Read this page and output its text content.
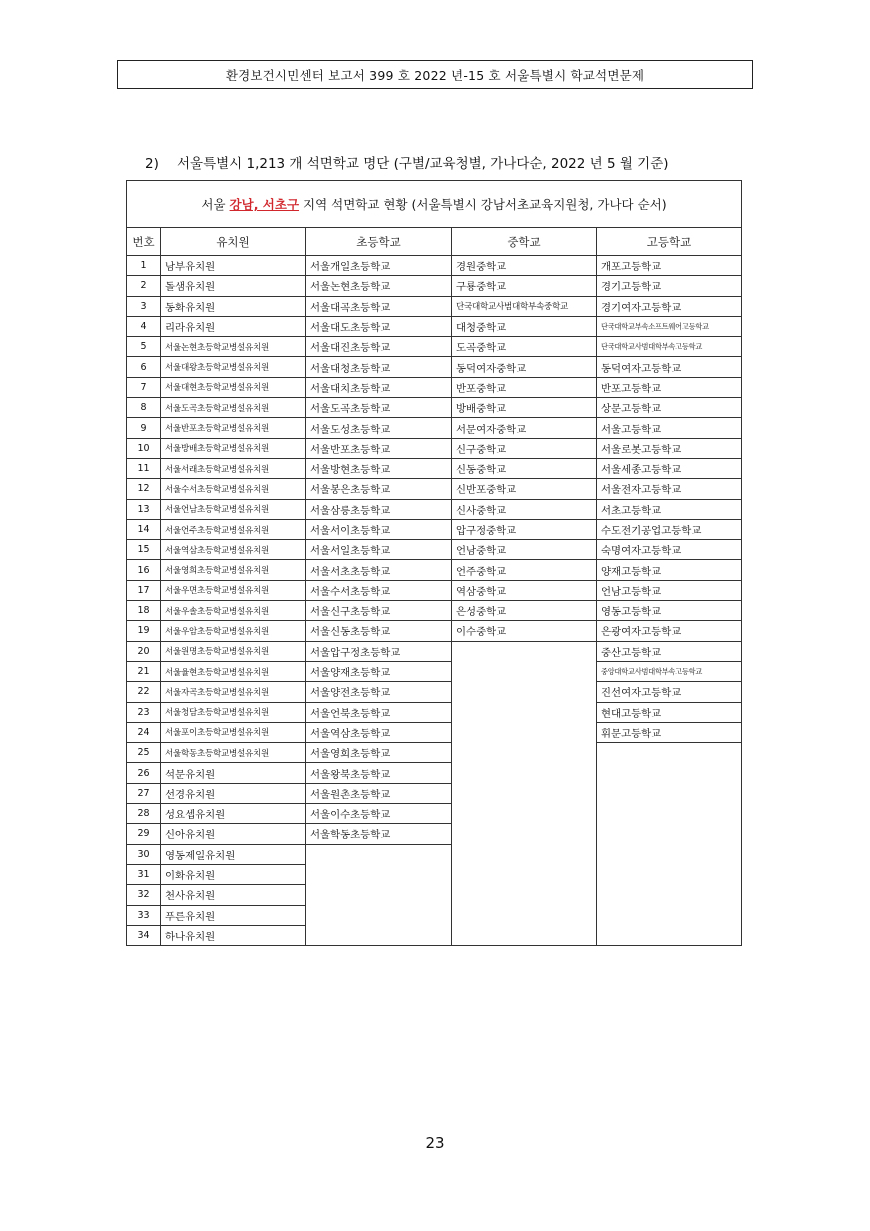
환경보건시민센터 보고서 399 호 2022 년-15 호 서울특별시 학교석면문제
2) 서울특별시 1,213 개 석면학교 명단 (구별/교육청별, 가나다순, 2022 년 5 월 기준)
서울 강남, 서초구 지역 석면학교 현황 (서울특별시 강남서초교육지원청, 가나다 순서)				
번호	유치원	초등학교	중학교	고등학교
1	남부유치원	서울개일초등학교	경원중학교	개포고등학교
2	돌샘유치원	서울논현초등학교	구룡중학교	경기고등학교
3	동화유치원	서울대곡초등학교	단국대학교사범대학부속중학교	경기여자고등학교
4	리라유치원	서울대도초등학교	대청중학교	단국대학교부속소프트웨어고등학교
5	서울논현초등학교병설유치원	서울대진초등학교	도곡중학교	단국대학교사범대학부속고등학교
6	서울대왕초등학교병설유치원	서울대청초등학교	동덕여자중학교	동덕여자고등학교
7	서울대현초등학교병설유치원	서울대치초등학교	반포중학교	반포고등학교
8	서울도곡초등학교병설유치원	서울도곡초등학교	방배중학교	상문고등학교
9	서울반포초등학교병설유치원	서울도성초등학교	서문여자중학교	서울고등학교
10	서울방배초등학교병설유치원	서울반포초등학교	신구중학교	서울로봇고등학교
11	서울서래초등학교병설유치원	서울방현초등학교	신동중학교	서울세종고등학교
12	서울수서초등학교병설유치원	서울봉은초등학교	신반포중학교	서울전자고등학교
13	서울언남초등학교병설유치원	서울삼릉초등학교	신사중학교	서초고등학교
14	서울언주초등학교병설유치원	서울서이초등학교	압구정중학교	수도전기공업고등학교
15	서울역삼초등학교병설유치원	서울서일초등학교	언남중학교	숙명여자고등학교
16	서울영희초등학교병설유치원	서울서초초등학교	언주중학교	양재고등학교
17	서울우면초등학교병설유치원	서울수서초등학교	역삼중학교	언남고등학교
18	서울우솔초등학교병설유치원	서울신구초등학교	은성중학교	영동고등학교
19	서울우암초등학교병설유치원	서울신동초등학교	이수중학교	은광여자고등학교
20	서울원명초등학교병설유치원	서울압구정초등학교		중산고등학교
21	서울율현초등학교병설유치원	서울양재초등학교		중앙대학교사범대학부속고등학교
22	서울자곡초등학교병설유치원	서울양전초등학교		진선여자고등학교
23	서울청담초등학교병설유치원	서울언북초등학교		현대고등학교
24	서울포이초등학교병설유치원	서울역삼초등학교		휘문고등학교
25	서울학동초등학교병설유치원	서울영희초등학교		
26	석문유치원	서울왕북초등학교		
27	선경유치원	서울원촌초등학교		
28	성요셉유치원	서울이수초등학교		
29	신아유치원	서울학동초등학교		
30	영동제일유치원			
31	이화유치원			
32	천사유치원			
33	푸른유치원			
34	하나유치원			
23
